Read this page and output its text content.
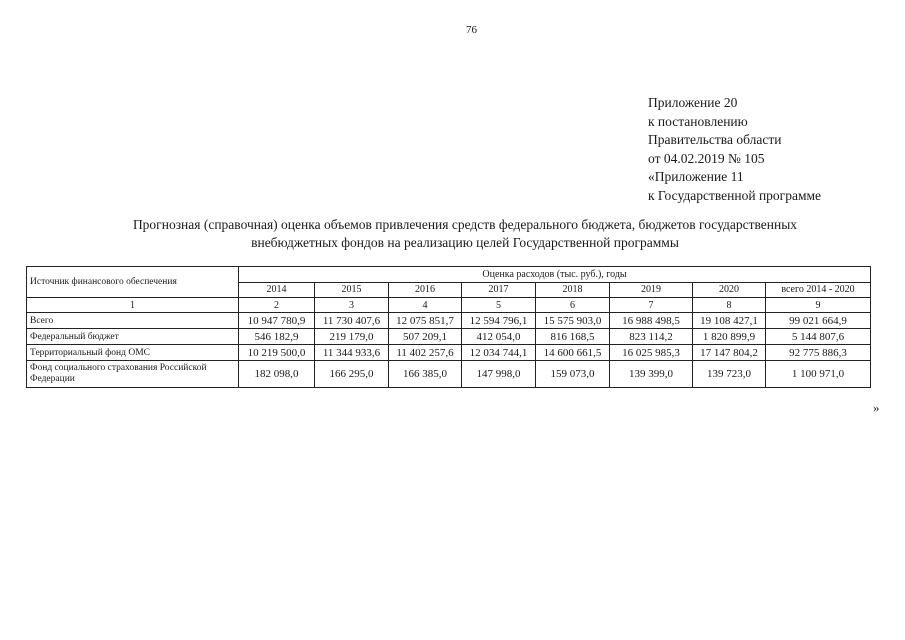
76
Приложение 20
к постановлению
Правительства области
от 04.02.2019 № 105
«Приложение 11
к Государственной программе
Прогнозная (справочная) оценка объемов привлечения средств федерального бюджета, бюджетов государственных
внебюджетных фондов на реализацию целей Государственной программы
Источник финансового обеспечения	Оценка расходов (тыс. руб.), годы							
	2014	2015	2016	2017	2018	2019	2020	всего 2014 - 2020
1	2	3	4	5	6	7	8	9
Всего	10 947 780,9	11 730 407,6	12 075 851,7	12 594 796,1	15 575 903,0	16 988 498,5	19 108 427,1	99 021 664,9
Федеральный бюджет	546 182,9	219 179,0	507 209,1	412 054,0	816 168,5	823 114,2	1 820 899,9	5 144 807,6
Территориальный фонд ОМС	10 219 500,0	11 344 933,6	11 402 257,6	12 034 744,1	14 600 661,5	16 025 985,3	17 147 804,2	92 775 886,3
Фонд социального страхования Российской Федерации	182 098,0	166 295,0	166 385,0	147 998,0	159 073,0	139 399,0	139 723,0	1 100 971,0
»
